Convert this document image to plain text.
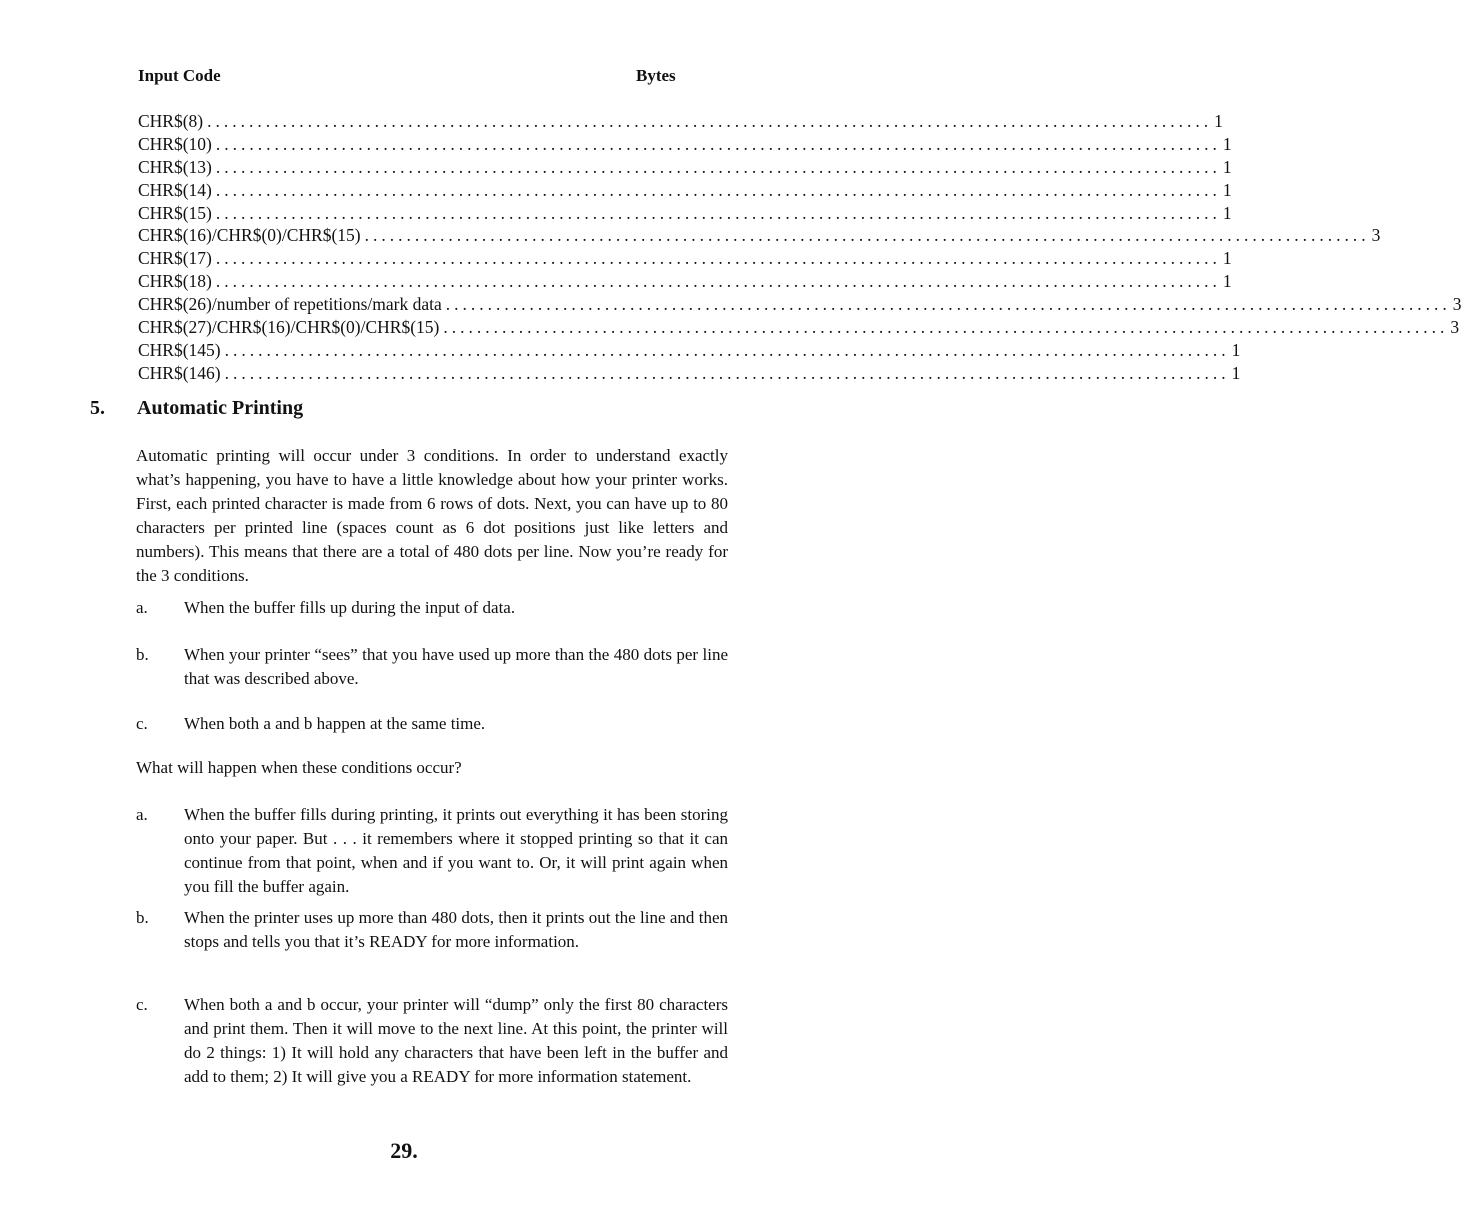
Input Code	Bytes
CHR$(8) ........................................................................................................................ 1
CHR$(10) ........................................................................................................................ 1
CHR$(13) ........................................................................................................................ 1
CHR$(14) ........................................................................................................................ 1
CHR$(15) ........................................................................................................................ 1
CHR$(16)/CHR$(0)/CHR$(15) ........................................................................................................................ 3
CHR$(17) ........................................................................................................................ 1
CHR$(18) ........................................................................................................................ 1
CHR$(26)/number of repetitions/mark data ........................................................................................................................ 3
CHR$(27)/CHR$(16)/CHR$(0)/CHR$(15) ........................................................................................................................ 3
CHR$(145) ........................................................................................................................ 1
CHR$(146) ........................................................................................................................ 1
5. Automatic Printing

Automatic printing will occur under 3 conditions. In order to understand exactly what’s happening, you have to have a little knowledge about how your printer works. First, each printed character is made from 6 rows of dots. Next, you can have up to 80 characters per printed line (spaces count as 6 dot positions just like letters and numbers). This means that there are a total of 480 dots per line. Now you’re ready for the 3 conditions.

a. When the buffer fills up during the input of data.
b. When your printer “sees” that you have used up more than the 480 dots per line that was described above.
c. When both a and b happen at the same time.

What will happen when these conditions occur?

a. When the buffer fills during printing, it prints out everything it has been storing onto your paper. But . . . it remembers where it stopped printing so that it can continue from that point, when and if you want to. Or, it will print again when you fill the buffer again.
b. When the printer uses up more than 480 dots, then it prints out the line and then stops and tells you that it’s READY for more information.
c. When both a and b occur, your printer will “dump” only the first 80 characters and print them. Then it will move to the next line. At this point, the printer will do 2 things: 1) It will hold any characters that have been left in the buffer and add to them; 2) It will give you a READY for more information statement.
29.
